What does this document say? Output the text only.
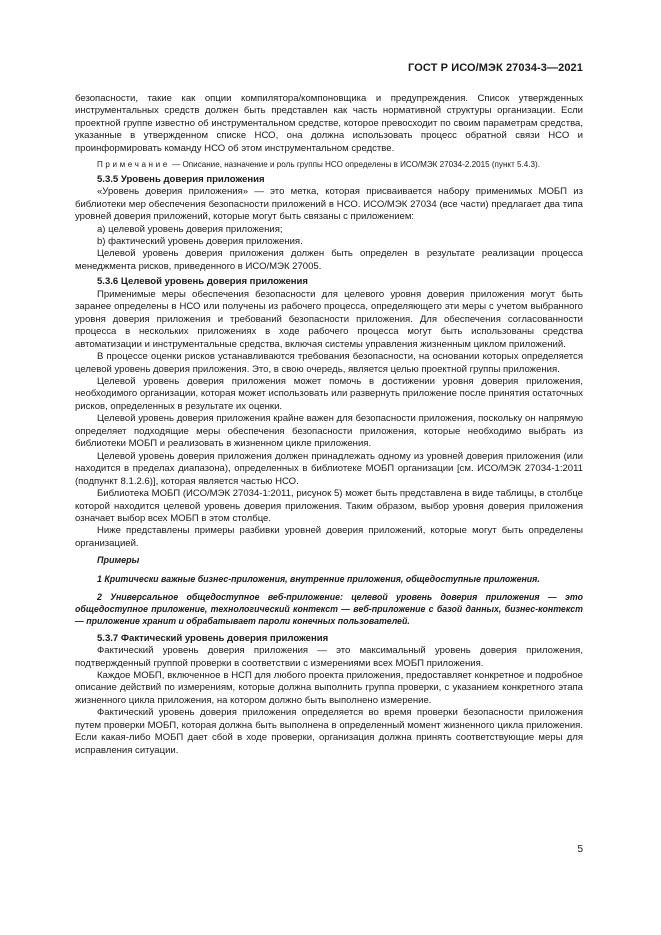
ГОСТ Р ИСО/МЭК 27034-3—2021

безопасности, такие как опции компилятора/компоновщика и предупреждения. Список утвержденных инструментальных средств должен быть представлен как часть нормативной структуры организации. Если проектной группе известно об инструментальном средстве, которое превосходит по своим параметрам средства, указанные в утвержденном списке НСО, она должна использовать процесс обратной связи НСО и проинформировать команду НСО об этом инструментальном средстве.

Примечание — Описание, назначение и роль группы НСО определены в ИСО/МЭК 27034-2.2015 (пункт 5.4.3).

5.3.5 Уровень доверия приложения

«Уровень доверия приложения» — это метка, которая присваивается набору применимых МОБП из библиотеки мер обеспечения безопасности приложений в НСО. ИСО/МЭК 27034 (все части) предлагает два типа уровней доверия приложений, которые могут быть связаны с приложением:

а) целевой уровень доверия приложения;

b) фактический уровень доверия приложения.

Целевой уровень доверия приложения должен быть определен в результате реализации процесса менеджмента рисков, приведенного в ИСО/МЭК 27005.

5.3.6 Целевой уровень доверия приложения

Применимые меры обеспечения безопасности для целевого уровня доверия приложения могут быть заранее определены в НСО или получены из рабочего процесса, определяющего эти меры с учетом выбранного уровня доверия приложения и требований безопасности приложения. Для обеспечения согласованности процесса в нескольких приложениях в ходе рабочего процесса могут быть использованы средства автоматизации и инструментальные средства, включая системы управления жизненным циклом приложений.

В процессе оценки рисков устанавливаются требования безопасности, на основании которых определяется целевой уровень доверия приложения. Это, в свою очередь, является целью проектной группы приложения.

Целевой уровень доверия приложения может помочь в достижении уровня доверия приложения, необходимого организации, которая может использовать или развернуть приложение после принятия остаточных рисков, определенных в результате их оценки.

Целевой уровень доверия приложения крайне важен для безопасности приложения, поскольку он напрямую определяет подходящие меры обеспечения безопасности приложения, которые необходимо выбрать из библиотеки МОБП и реализовать в жизненном цикле приложения.

Целевой уровень доверия приложения должен принадлежать одному из уровней доверия приложения (или находится в пределах диапазона), определенных в библиотеке МОБП организации [см. ИСО/МЭК 27034-1:2011 (подпункт 8.1.2.6)], которая является частью НСО.

Библиотека МОБП (ИСО/МЭК 27034-1:2011, рисунок 5) может быть представлена в виде таблицы, в столбце которой находится целевой уровень доверия приложения. Таким образом, выбор уровня доверия приложения означает выбор всех МОБП в этом столбце.

Ниже представлены примеры разбивки уровней доверия приложений, которые могут быть определены организацией.

Примеры

1 Критически важные бизнес-приложения, внутренние приложения, общедоступные приложения.

2 Универсальное общедоступное веб-приложение: целевой уровень доверия приложения — это общедоступное приложение, технологический контекст — веб-приложение с базой данных, бизнес-контекст — приложение хранит и обрабатывает пароли конечных пользователей.

5.3.7 Фактический уровень доверия приложения

Фактический уровень доверия приложения — это максимальный уровень доверия приложения, подтвержденный группой проверки в соответствии с измерениями всех МОБП приложения.

Каждое МОБП, включенное в НСП для любого проекта приложения, предоставляет конкретное и подробное описание действий по измерениям, которые должна выполнить группа проверки, с указанием конкретного этапа жизненного цикла приложения, на котором должно быть выполнено измерение.

Фактический уровень доверия приложения определяется во время проверки безопасности приложения путем проверки МОБП, которая должна быть выполнена в определенный момент жизненного цикла приложения. Если какая-либо МОБП дает сбой в ходе проверки, организация должна принять соответствующие меры для исправления ситуации.

5
